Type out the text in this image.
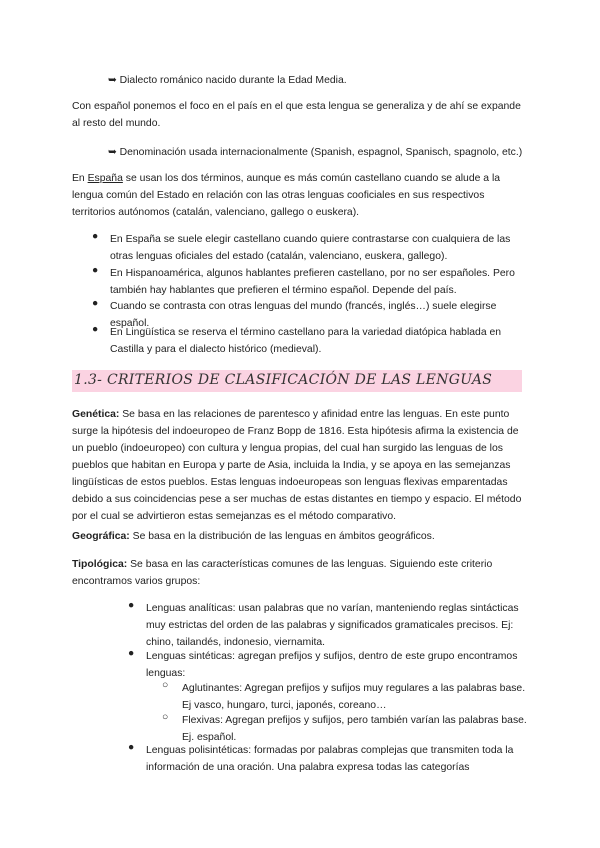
➥ Dialecto románico nacido durante la Edad Media.

Con español ponemos el foco en el país en el que esta lengua se generaliza y de ahí se expande al resto del mundo.

➥ Denominación usada internacionalmente (Spanish, espagnol, Spanisch, spagnolo, etc.)

En España se usan los dos términos, aunque es más común castellano cuando se alude a la lengua común del Estado en relación con las otras lenguas cooficiales en sus respectivos territorios autónomos (catalán, valenciano, gallego o euskera).

● En España se suele elegir castellano cuando quiere contrastarse con cualquiera de las otras lenguas oficiales del estado (catalán, valenciano, euskera, gallego).
● En Hispanoamérica, algunos hablantes prefieren castellano, por no ser españoles. Pero también hay hablantes que prefieren el término español. Depende del país.
● Cuando se contrasta con otras lenguas del mundo (francés, inglés…) suele elegirse español.
● En Lingüística se reserva el término castellano para la variedad diatópica hablada en Castilla y para el dialecto histórico (medieval).
1.3- CRITERIOS DE CLASIFICACIÓN DE LAS LENGUAS

Genética: Se basa en las relaciones de parentesco y afinidad entre las lenguas. En este punto surge la hipótesis del indoeuropeo de Franz Bopp de 1816. Esta hipótesis afirma la existencia de un pueblo (indoeuropeo) con cultura y lengua propias, del cual han surgido las lenguas de los pueblos que habitan en Europa y parte de Asia, incluida la India, y se apoya en las semejanzas lingüísticas de estos pueblos. Estas lenguas indoeuropeas son lenguas flexivas emparentadas debido a sus coincidencias pese a ser muchas de estas distantes en tiempo y espacio. El método por el cual se advirtieron estas semejanzas es el método comparativo.

Geográfica: Se basa en la distribución de las lenguas en ámbitos geográficos.

Tipológica: Se basa en las características comunes de las lenguas. Siguiendo este criterio encontramos varios grupos:

● Lenguas analíticas: usan palabras que no varían, manteniendo reglas sintácticas muy estrictas del orden de las palabras y significados gramaticales precisos. Ej: chino, tailandés, indonesio, viernamita.
● Lenguas sintéticas: agregan prefijos y sufijos, dentro de este grupo encontramos lenguas:
○ Aglutinantes: Agregan prefijos y sufijos muy regulares a las palabras base. Ej vasco, hungaro, turci, japonés, coreano…
○ Flexivas: Agregan prefijos y sufijos, pero también varían las palabras base. Ej. español.
● Lenguas polisintéticas: formadas por palabras complejas que transmiten toda la información de una oración. Una palabra expresa todas las categorías
